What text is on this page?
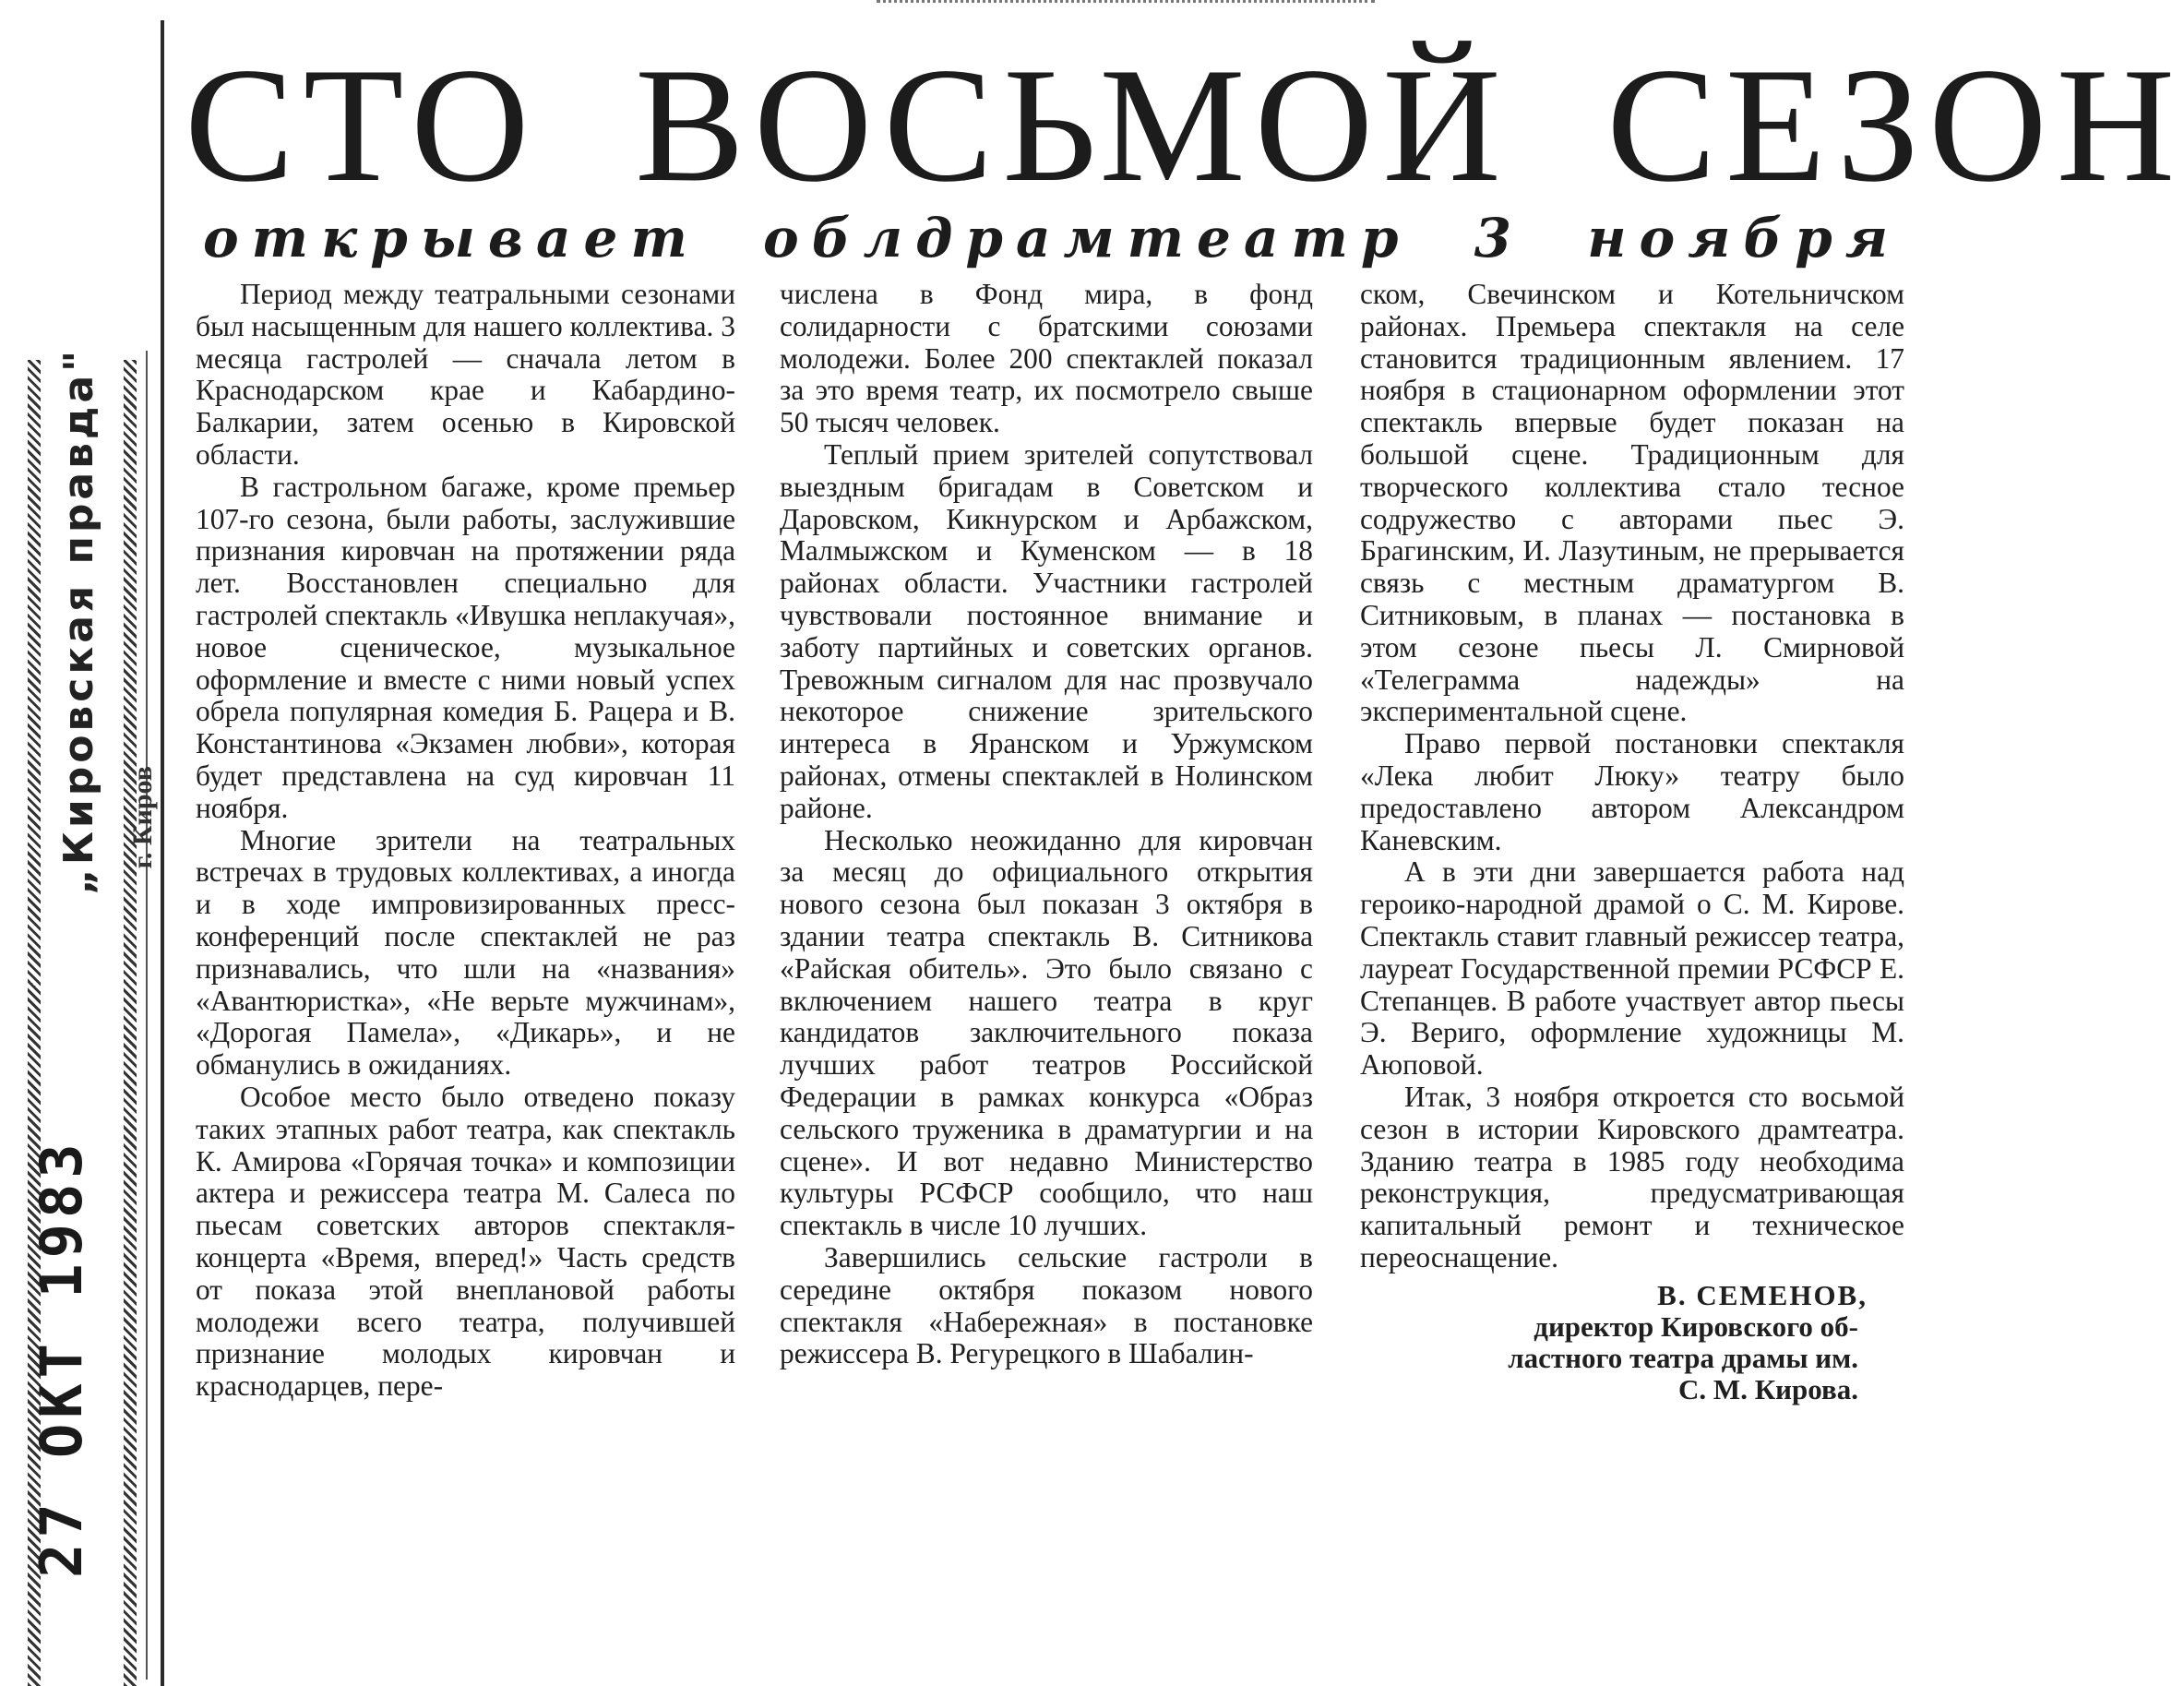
„Кировская правда" г. Киров
27 ОКТ 1983
СТО ВОСЬМОЙ СЕЗОН
открывает облдрамтеатр 3 ноября

Период между театральными сезонами был насыщенным для нашего коллектива. 3 месяца гастролей — сначала летом в Краснодарском крае и Кабардино-Балкарии, затем осенью в Кировской области.

В гастрольном багаже, кроме премьер 107-го сезона, были работы, заслужившие признания кировчан на протяжении ряда лет. Восстановлен специально для гастролей спектакль «Ивушка неплакучая», новое сценическое, музыкальное оформление и вместе с ними новый успех обрела популярная комедия Б. Рацера и В. Константинова «Экзамен любви», которая будет представлена на суд кировчан 11 ноября.

Многие зрители на театральных встречах в трудовых коллективах, а иногда и в ходе импровизированных пресс-конференций после спектаклей не раз признавались, что шли на «названия» «Авантюристка», «Не верьте мужчинам», «Дорогая Памела», «Дикарь», и не обманулись в ожиданиях.

Особое место было отведено показу таких этапных работ театра, как спектакль К. Амирова «Горячая точка» и композиции актера и режиссера театра М. Салеса по пьесам советских авторов спектакля-концерта «Время, вперед!» Часть средств от показа этой внеплановой работы молодежи всего театра, получившей признание молодых кировчан и краснодарцев, пере-

числена в Фонд мира, в фонд солидарности с братскими союзами молодежи. Более 200 спектаклей показал за это время театр, их посмотрело свыше 50 тысяч человек.

Теплый прием зрителей сопутствовал выездным бригадам в Советском и Даровском, Кикнурском и Арбажском, Малмыжском и Куменском — в 18 районах области. Участники гастролей чувствовали постоянное внимание и заботу партийных и советских органов. Тревожным сигналом для нас прозвучало некоторое снижение зрительского интереса в Яранском и Уржумском районах, отмены спектаклей в Нолинском районе.

Несколько неожиданно для кировчан за месяц до официального открытия нового сезона был показан 3 октября в здании театра спектакль В. Ситникова «Райская обитель». Это было связано с включением нашего театра в круг кандидатов заключительного показа лучших работ театров Российской Федерации в рамках конкурса «Образ сельского труженика в драматургии и на сцене». И вот недавно Министерство культуры РСФСР сообщило, что наш спектакль в числе 10 лучших.

Завершились сельские гастроли в середине октября показом нового спектакля «Набережная» в постановке режиссера В. Регурецкого в Шабалин-

ском, Свечинском и Котельничском районах. Премьера спектакля на селе становится традиционным явлением. 17 ноября в стационарном оформлении этот спектакль впервые будет показан на большой сцене. Традиционным для творческого коллектива стало тесное содружество с авторами пьес Э. Брагинским, И. Лазутиным, не прерывается связь с местным драматургом В. Ситниковым, в планах — постановка в этом сезоне пьесы Л. Смирновой «Телеграмма надежды» на экспериментальной сцене.

Право первой постановки спектакля «Лека любит Люку» театру было предоставлено автором Александром Каневским.

А в эти дни завершается работа над героико-народной драмой о С. М. Кирове. Спектакль ставит главный режиссер театра, лауреат Государственной премии РСФСР Е. Степанцев. В работе участвует автор пьесы Э. Вериго, оформление художницы М. Аюповой.

Итак, 3 ноября откроется сто восьмой сезон в истории Кировского драмтеатра. Зданию театра в 1985 году необходима реконструкция, предусматривающая капитальный ремонт и техническое переоснащение.

В. СЕМЕНОВ,
директор Кировского об-
ластного театра драмы им.
С. М. Кирова.
